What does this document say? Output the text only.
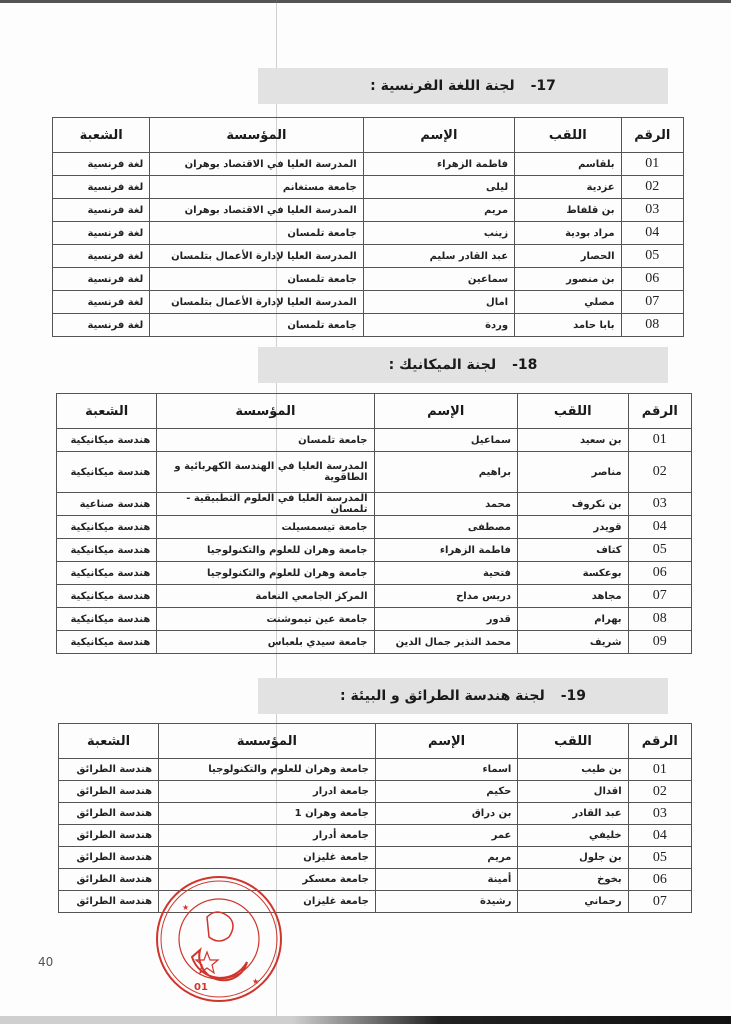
-17
لجنة اللغة الفرنسية :
الرقم	اللقب	الإسم	المؤسسة	الشعبة
01	بلقاسم	فاطمة الزهراء	المدرسة العليا في الاقتصاد بوهران	لغة فرنسية
02	عزدية	ليلى	جامعة مستغانم	لغة فرنسية
03	بن قلفاط	مريم	المدرسة العليا في الاقتصاد بوهران	لغة فرنسية
04	مراد بودية	زينب	جامعة تلمسان	لغة فرنسية
05	الحصار	عبد القادر سليم	المدرسة العليا لإدارة الأعمال بتلمسان	لغة فرنسية
06	بن منصور	سماعين	جامعة تلمسان	لغة فرنسية
07	مصلي	امال	المدرسة العليا لإدارة الأعمال بتلمسان	لغة فرنسية
08	بابا حامد	وردة	جامعة تلمسان	لغة فرنسية
-18
لجنة الميكانيك :
الرقم	اللقب	الإسم	المؤسسة	الشعبة
01	بن سعيد	سماعيل	جامعة تلمسان	هندسة ميكانيكية
02	مناصر	براهيم	المدرسة العليا في الهندسة الكهربائية و الطاقوية	هندسة ميكانيكية
03	بن نكروف	محمد	المدرسة العليا في العلوم التطبيقية - تلمسان	هندسة صناعية
04	قويدر	مصطفى	جامعة تيسمسيلت	هندسة ميكانيكية
05	كتاف	فاطمة الزهراء	جامعة وهران للعلوم والتكنولوجيا	هندسة ميكانيكية
06	بوعكسة	فتحية	جامعة وهران للعلوم والتكنولوجيا	هندسة ميكانيكية
07	مجاهد	دريس مداح	المركز الجامعي النعامة	هندسة ميكانيكية
08	بهرام	قدور	جامعة عين تيموشنت	هندسة ميكانيكية
09	شريف	محمد النذير جمال الدين	جامعة سيدي بلعباس	هندسة ميكانيكية
-19
لجنة هندسة الطرائق و البيئة :
الرقم	اللقب	الإسم	المؤسسة	الشعبة
01	بن طيب	اسماء	جامعة وهران للعلوم والتكنولوجيا	هندسة الطرائق
02	اقدال	حكيم	جامعة ادرار	هندسة الطرائق
03	عبد القادر	بن دراق	جامعة وهران 1	هندسة الطرائق
04	خليفي	عمر	جامعة أدرار	هندسة الطرائق
05	بن جلول	مريم	جامعة غليزان	هندسة الطرائق
06	بخوخ	أمينة	جامعة معسكر	هندسة الطرائق
07	رحماني	رشيدة	جامعة غليزان	هندسة الطرائق
40
★
★
01
